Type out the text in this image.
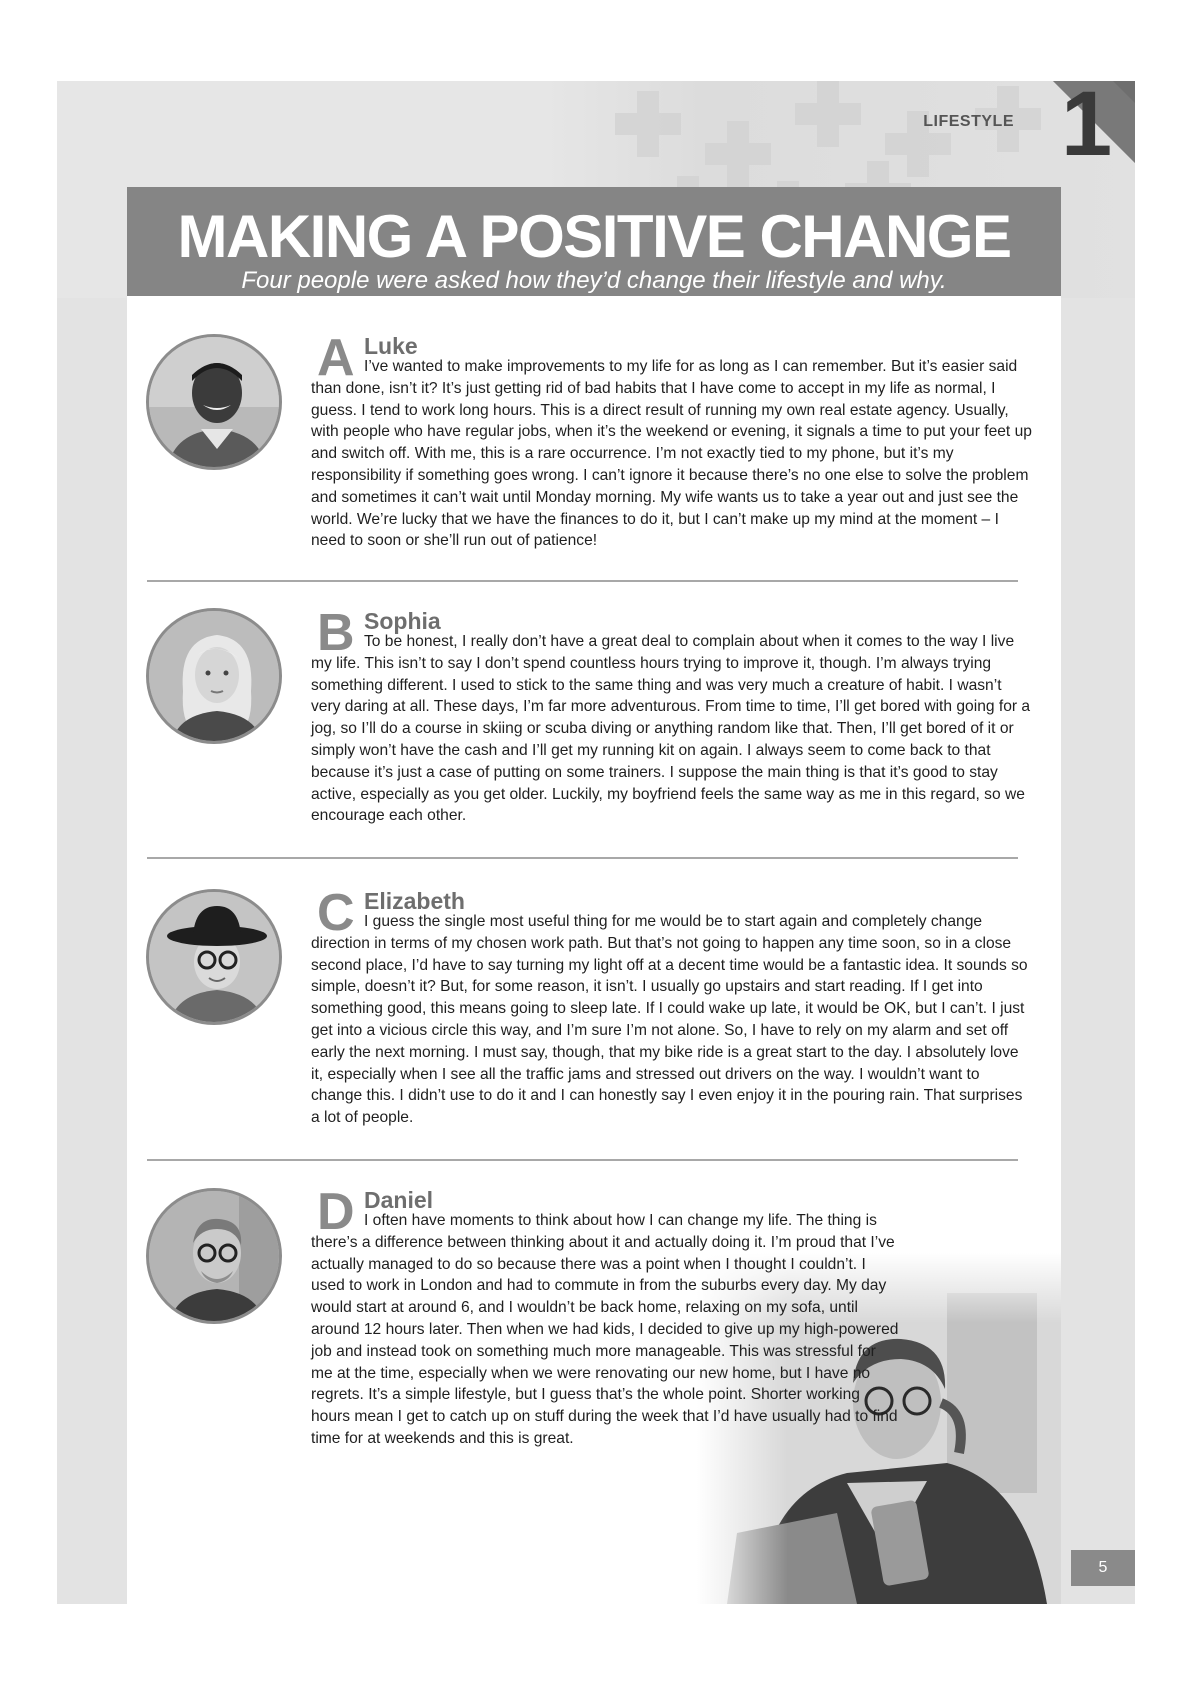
LIFESTYLE 1
MAKING A POSITIVE CHANGE
Four people were asked how they’d change their lifestyle and why.
A Luke

I’ve wanted to make improvements to my life for as long as I can remember. But it’s easier said than done, isn’t it? It’s just getting rid of bad habits that I have come to accept in my life as normal, I guess. I tend to work long hours. This is a direct result of running my own real estate agency. Usually, with people who have regular jobs, when it’s the weekend or evening, it signals a time to put your feet up and switch off. With me, this is a rare occurrence. I’m not exactly tied to my phone, but it’s my responsibility if something goes wrong. I can’t ignore it because there’s no one else to solve the problem and sometimes it can’t wait until Monday morning. My wife wants us to take a year out and just see the world. We’re lucky that we have the finances to do it, but I can’t make up my mind at the moment – I need to soon or she’ll run out of patience!

B Sophia

To be honest, I really don’t have a great deal to complain about when it comes to the way I live my life. This isn’t to say I don’t spend countless hours trying to improve it, though. I’m always trying something different. I used to stick to the same thing and was very much a creature of habit. I wasn’t very daring at all. These days, I’m far more adventurous. From time to time, I’ll get bored with going for a jog, so I’ll do a course in skiing or scuba diving or anything random like that. Then, I’ll get bored of it or simply won’t have the cash and I’ll get my running kit on again. I always seem to come back to that because it’s just a case of putting on some trainers. I suppose the main thing is that it’s good to stay active, especially as you get older. Luckily, my boyfriend feels the same way as me in this regard, so we encourage each other.

C Elizabeth

I guess the single most useful thing for me would be to start again and completely change direction in terms of my chosen work path. But that’s not going to happen any time soon, so in a close second place, I’d have to say turning my light off at a decent time would be a fantastic idea. It sounds so simple, doesn’t it? But, for some reason, it isn’t. I usually go upstairs and start reading. If I get into something good, this means going to sleep late. If I could wake up late, it would be OK, but I can’t. I just get into a vicious circle this way, and I’m sure I’m not alone. So, I have to rely on my alarm and set off early the next morning. I must say, though, that my bike ride is a great start to the day. I absolutely love it, especially when I see all the traffic jams and stressed out drivers on the way. I wouldn’t want to change this. I didn’t use to do it and I can honestly say I even enjoy it in the pouring rain. That surprises a lot of people.

D Daniel

I often have moments to think about how I can change my life. The thing is there’s a difference between thinking about it and actually doing it. I’m proud that I’ve actually managed to do so because there was a point when I thought I couldn’t. I used to work in London and had to commute in from the suburbs every day. My day would start at around 6, and I wouldn’t be back home, relaxing on my sofa, until around 12 hours later. Then when we had kids, I decided to give up my high-powered job and instead took on something much more manageable. This was stressful for me at the time, especially when we were renovating our new home, but I have no regrets. It’s a simple lifestyle, but I guess that’s the whole point. Shorter working hours mean I get to catch up on stuff during the week that I’d have usually had to find time for at weekends and this is great.

5
